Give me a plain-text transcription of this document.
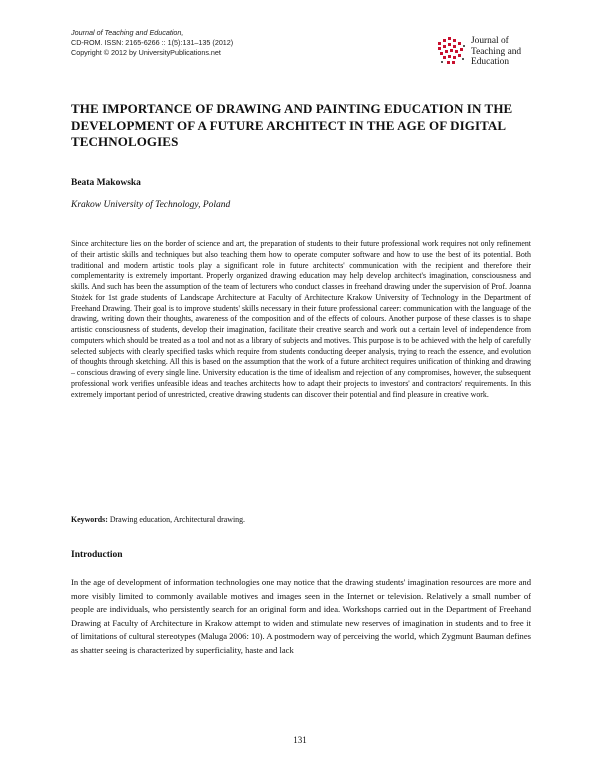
Journal of Teaching and Education,
CD-ROM. ISSN: 2165-6266 :: 1(5):131–135 (2012)
Copyright © 2012 by UniversityPublications.net
Journal of
Teaching and
Education
THE IMPORTANCE OF DRAWING AND PAINTING EDUCATION IN THE DEVELOPMENT OF A FUTURE ARCHITECT IN THE AGE OF DIGITAL TECHNOLOGIES
Beata Makowska
Krakow University of Technology, Poland

Since architecture lies on the border of science and art, the preparation of students to their future professional work requires not only refinement of their artistic skills and techniques but also teaching them how to operate computer software and how to use the best of its potential. Both traditional and modern artistic tools play a significant role in future architects' communication with the recipient and therefore their complementarity is extremely important. Properly organized drawing education may help develop architect's imagination, consciousness and skills. And such has been the assumption of the team of lecturers who conduct classes in freehand drawing under the supervision of Prof. Joanna Stożek for 1st grade students of Landscape Architecture at Faculty of Architecture Krakow University of Technology in the Department of Freehand Drawing. Their goal is to improve students' skills necessary in their future professional career: communication with the language of the drawing, writing down their thoughts, awareness of the composition and of the effects of colours. Another purpose of these classes is to shape artistic consciousness of students, develop their imagination, facilitate their creative search and work out a certain level of independence from computers which should be treated as a tool and not as a library of subjects and motives. This purpose is to be achieved with the help of carefully selected subjects with clearly specified tasks which require from students conducting deeper analysis, trying to reach the essence, and evolution of thoughts through sketching. All this is based on the assumption that the work of a future architect requires unification of thinking and drawing – conscious drawing of every single line. University education is the time of idealism and rejection of any compromises, however, the subsequent professional work verifies unfeasible ideas and teaches architects how to adapt their projects to investors' and contractors' requirements. In this extremely important period of unrestricted, creative drawing students can discover their potential and find pleasure in creative work.

Keywords: Drawing education, Architectural drawing.
Introduction

In the age of development of information technologies one may notice that the drawing students' imagination resources are more and more visibly limited to commonly available motives and images seen in the Internet or television. Relatively a small number of people are individuals, who persistently search for an original form and idea. Workshops carried out in the Department of Freehand Drawing at Faculty of Architecture in Krakow attempt to widen and stimulate new reserves of imagination in students and to free it of limitations of cultural stereotypes (Maluga 2006: 10). A postmodern way of perceiving the world, which Zygmunt Bauman defines as shatter seeing is characterized by superficiality, haste and lack

131
